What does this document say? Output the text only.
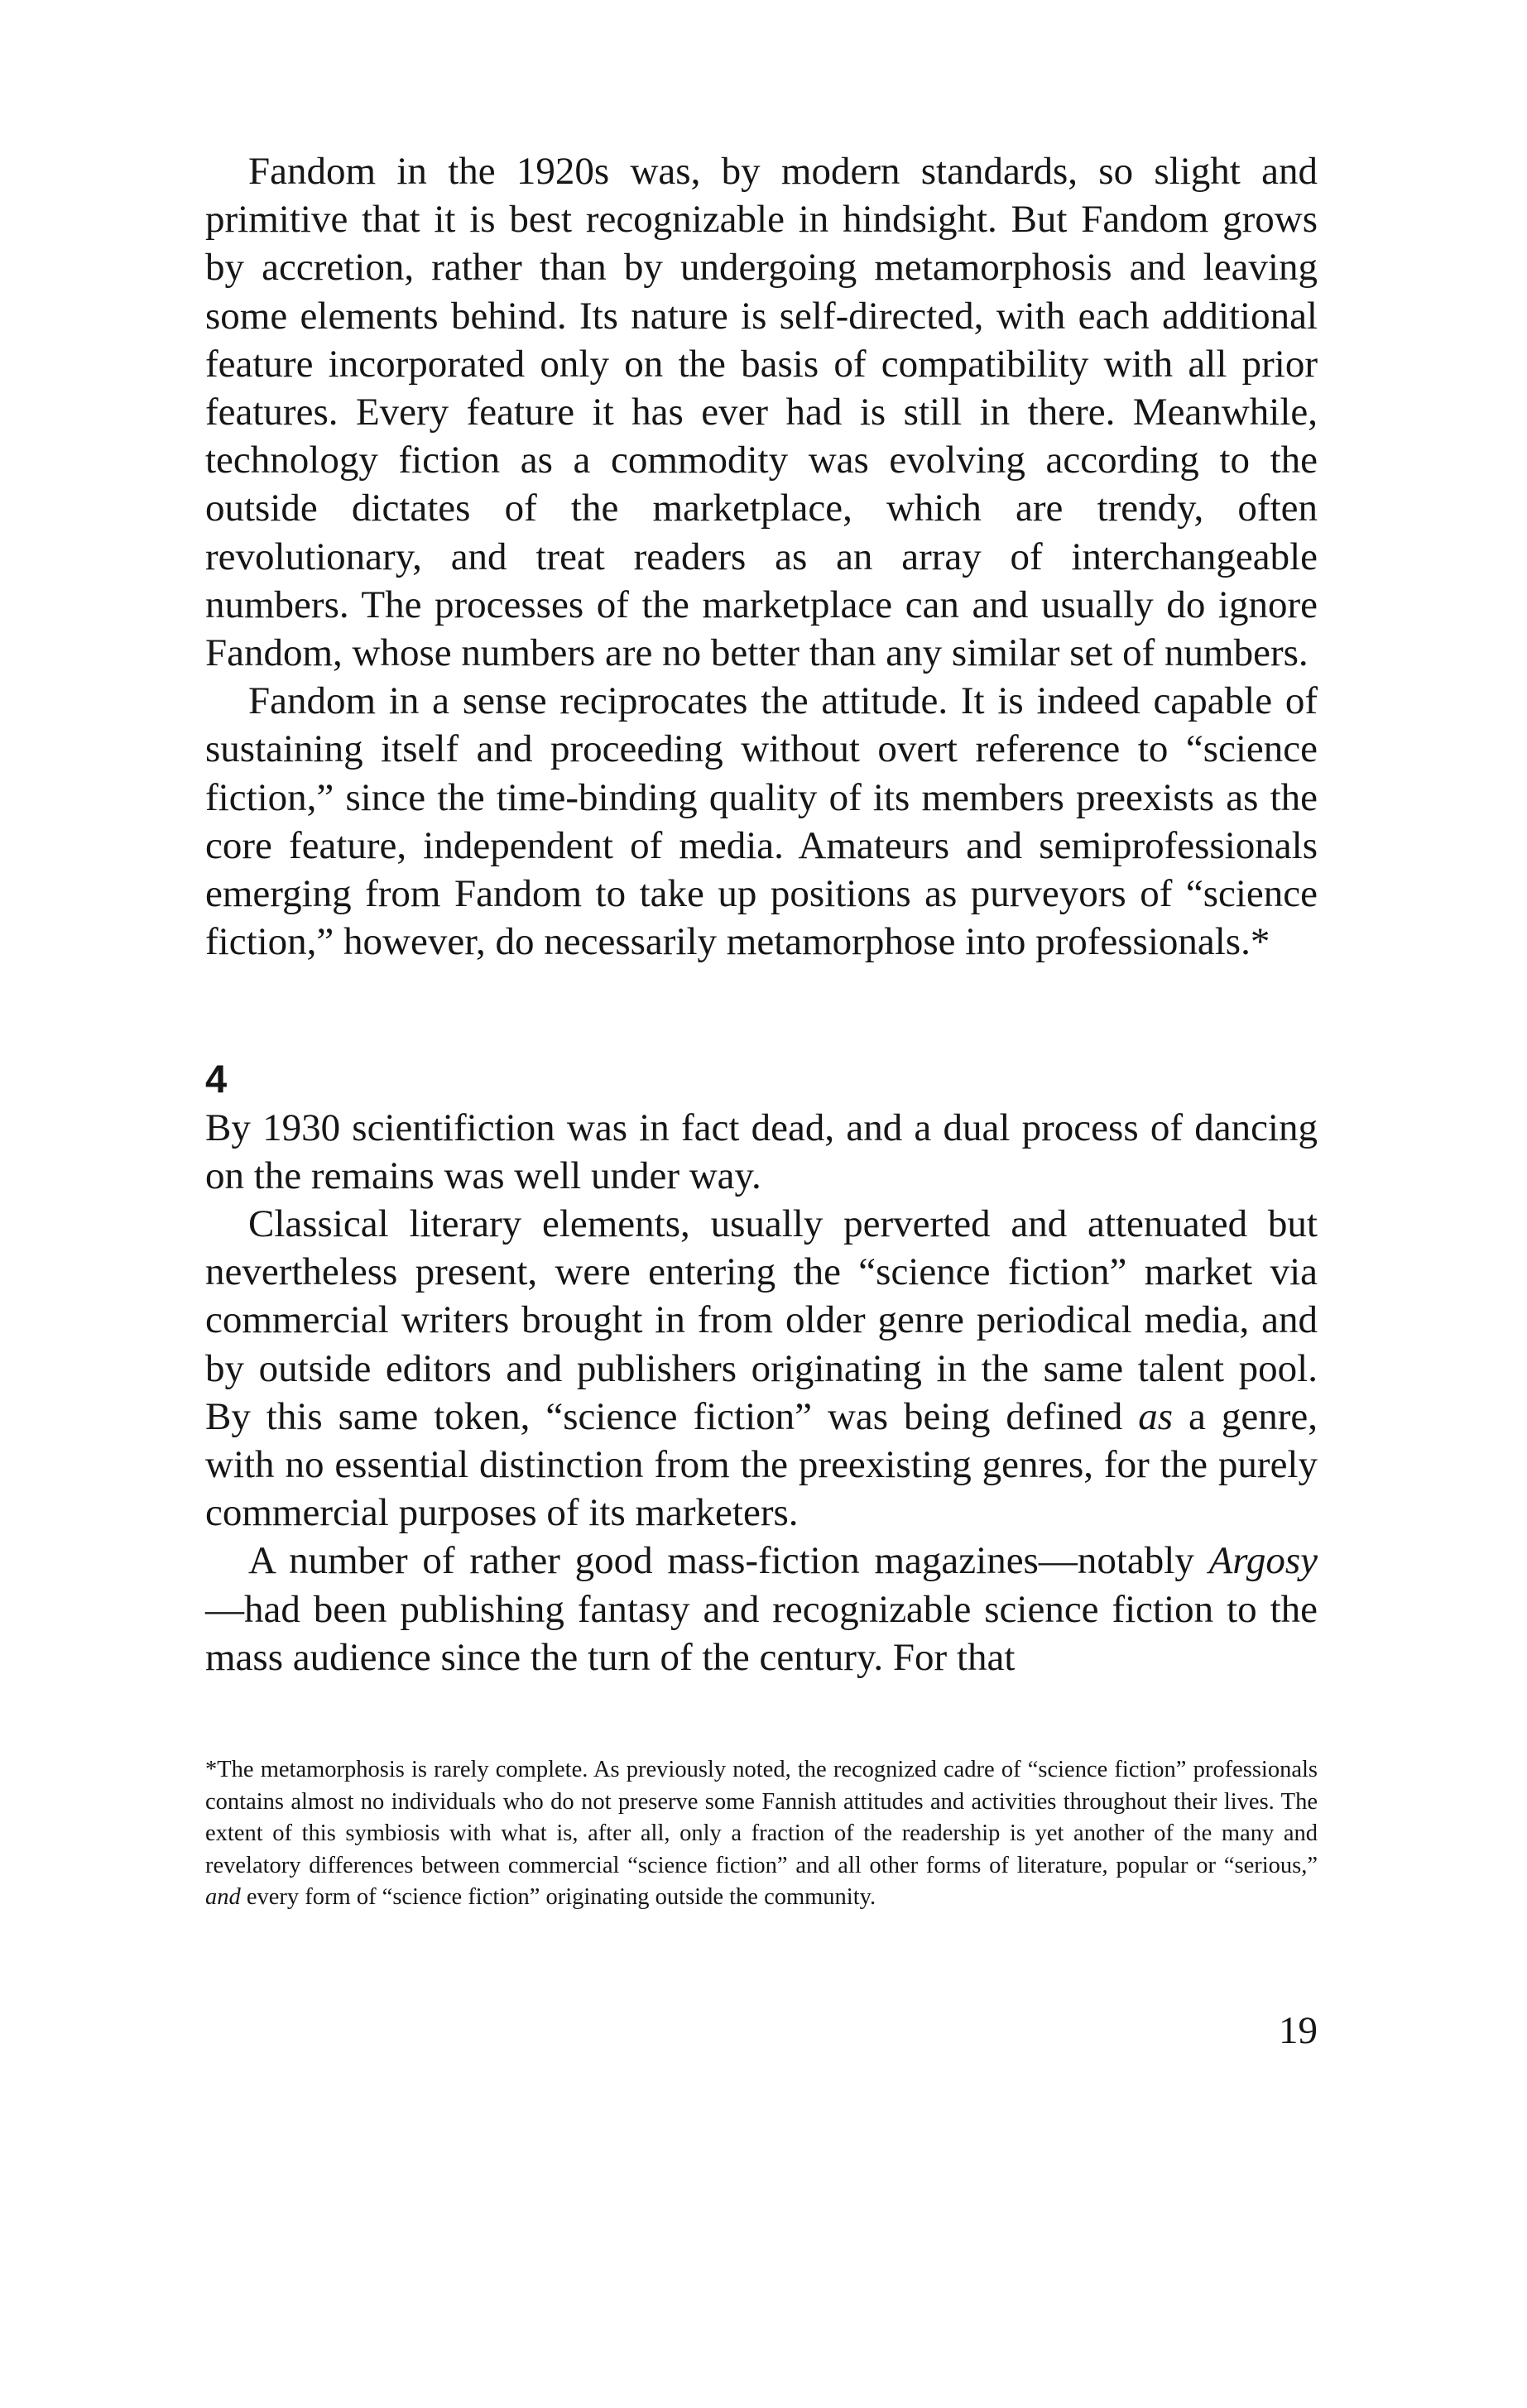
Fandom in the 1920s was, by modern standards, so slight and primitive that it is best recognizable in hindsight. But Fandom grows by accretion, rather than by undergoing metamorphosis and leaving some elements behind. Its nature is self-directed, with each additional feature incorporated only on the basis of compatibility with all prior features. Every feature it has ever had is still in there. Meanwhile, technology fiction as a commodity was evolving according to the outside dictates of the marketplace, which are trendy, often revolutionary, and treat readers as an array of interchangeable numbers. The processes of the marketplace can and usually do ignore Fandom, whose numbers are no better than any similar set of numbers.

Fandom in a sense reciprocates the attitude. It is indeed capable of sustaining itself and proceeding without overt reference to “science fiction,” since the time-binding quality of its members preexists as the core feature, independent of media. Amateurs and semiprofessionals emerging from Fandom to take up positions as purveyors of “science fiction,” however, do necessarily metamorphose into professionals.*

4

By 1930 scientifiction was in fact dead, and a dual process of dancing on the remains was well under way.

Classical literary elements, usually perverted and attenuated but nevertheless present, were entering the “science fiction” market via commercial writers brought in from older genre periodical media, and by outside editors and publishers originating in the same talent pool. By this same token, “science fiction” was being defined as a genre, with no essential distinction from the preexisting genres, for the purely commercial purposes of its marketers.

A number of rather good mass-fiction magazines—notably Argosy—had been publishing fantasy and recognizable science fiction to the mass audience since the turn of the century. For that

*The metamorphosis is rarely complete. As previously noted, the recognized cadre of “science fiction” professionals contains almost no individuals who do not preserve some Fannish attitudes and activities throughout their lives. The extent of this symbiosis with what is, after all, only a fraction of the readership is yet another of the many and revelatory differences between commercial “science fiction” and all other forms of literature, popular or “serious,” and every form of “science fiction” originating outside the community.

19
